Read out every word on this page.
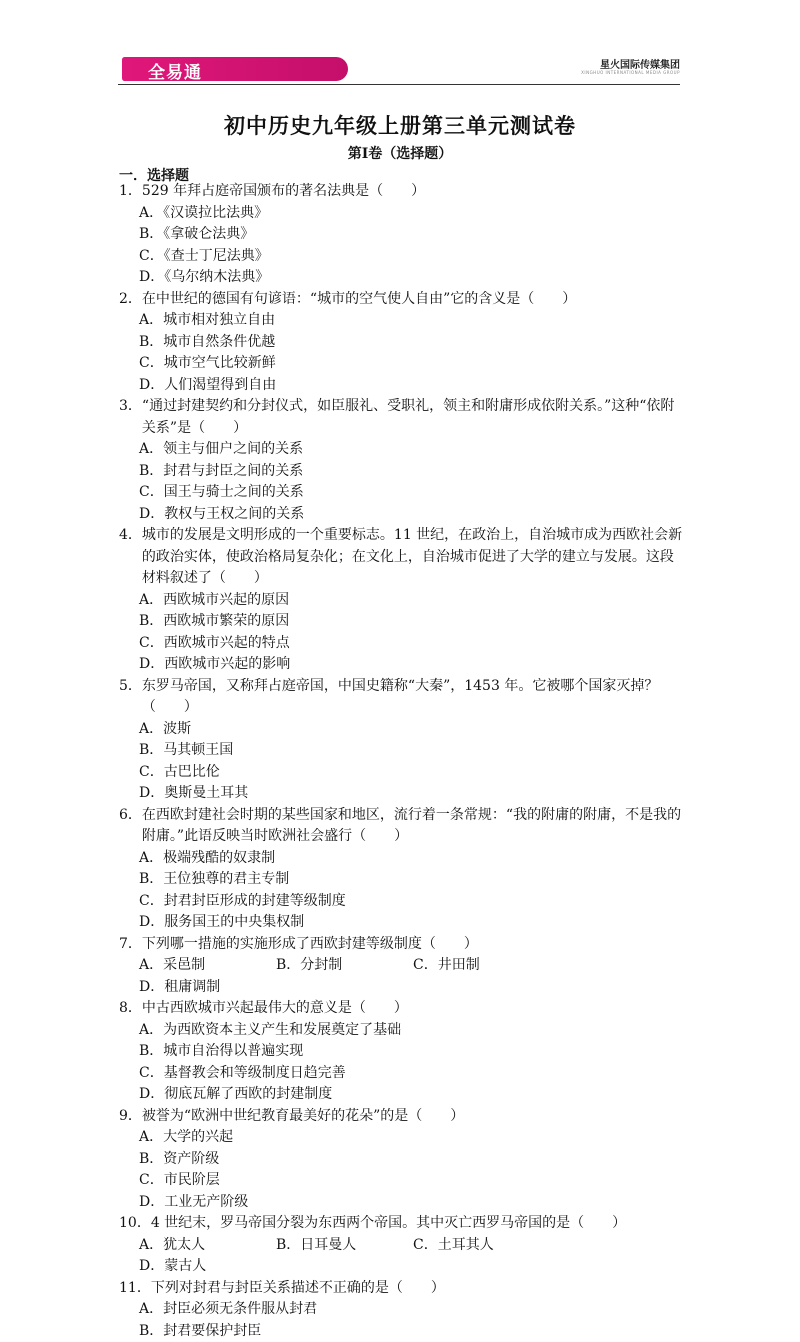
全易通	星火国际传媒集团
XINGHUO INTERNATIONAL MEDIA GROUP
初中历史九年级上册第三单元测试卷
第Ⅰ卷（选择题）
一．选择题
1． 529 年拜占庭帝国颁布的著名法典是（　　）
A．《汉谟拉比法典》
B．《拿破仑法典》
C．《查士丁尼法典》
D．《乌尔纳木法典》
2． 在中世纪的德国有句谚语：“城市的空气使人自由”它的含义是（　　）
A．城市相对独立自由
B．城市自然条件优越
C．城市空气比较新鲜
D．人们渴望得到自由
3． “通过封建契约和分封仪式，如臣服礼、受职礼，领主和附庸形成依附关系。”这种“依附关系”是（　　）
A．领主与佃户之间的关系
B．封君与封臣之间的关系
C．国王与骑士之间的关系
D．教权与王权之间的关系
4． 城市的发展是文明形成的一个重要标志。11 世纪，在政治上，自治城市成为西欧社会新的政治实体，使政治格局复杂化；在文化上，自治城市促进了大学的建立与发展。这段材料叙述了（　　）
A．西欧城市兴起的原因
B．西欧城市繁荣的原因
C．西欧城市兴起的特点
D．西欧城市兴起的影响
5． 东罗马帝国，又称拜占庭帝国，中国史籍称“大秦”，1453 年。它被哪个国家灭掉？（　　）
A．波斯
B．马其顿王国
C．古巴比伦
D．奥斯曼土耳其
6． 在西欧封建社会时期的某些国家和地区，流行着一条常规：“我的附庸的附庸，不是我的附庸。”此语反映当时欧洲社会盛行（　　）
A．极端残酷的奴隶制
B．王位独尊的君主专制
C．封君封臣形成的封建等级制度
D．服务国王的中央集权制
7． 下列哪一措施的实施形成了西欧封建等级制度（　　）
A．采邑制	B．分封制	C．井田制
D．租庸调制
8． 中古西欧城市兴起最伟大的意义是（　　）
A．为西欧资本主义产生和发展奠定了基础
B．城市自治得以普遍实现
C．基督教会和等级制度日趋完善
D．彻底瓦解了西欧的封建制度
9． 被誉为“欧洲中世纪教育最美好的花朵”的是（　　）
A．大学的兴起
B．资产阶级
C．市民阶层
D．工业无产阶级
10． 4 世纪末，罗马帝国分裂为东西两个帝国。其中灭亡西罗马帝国的是（　　）
A．犹太人	B．日耳曼人	C．土耳其人
D．蒙古人
11． 下列对封君与封臣关系描述不正确的是（　　）
A．封臣必须无条件服从封君
B．封君要保护封臣
